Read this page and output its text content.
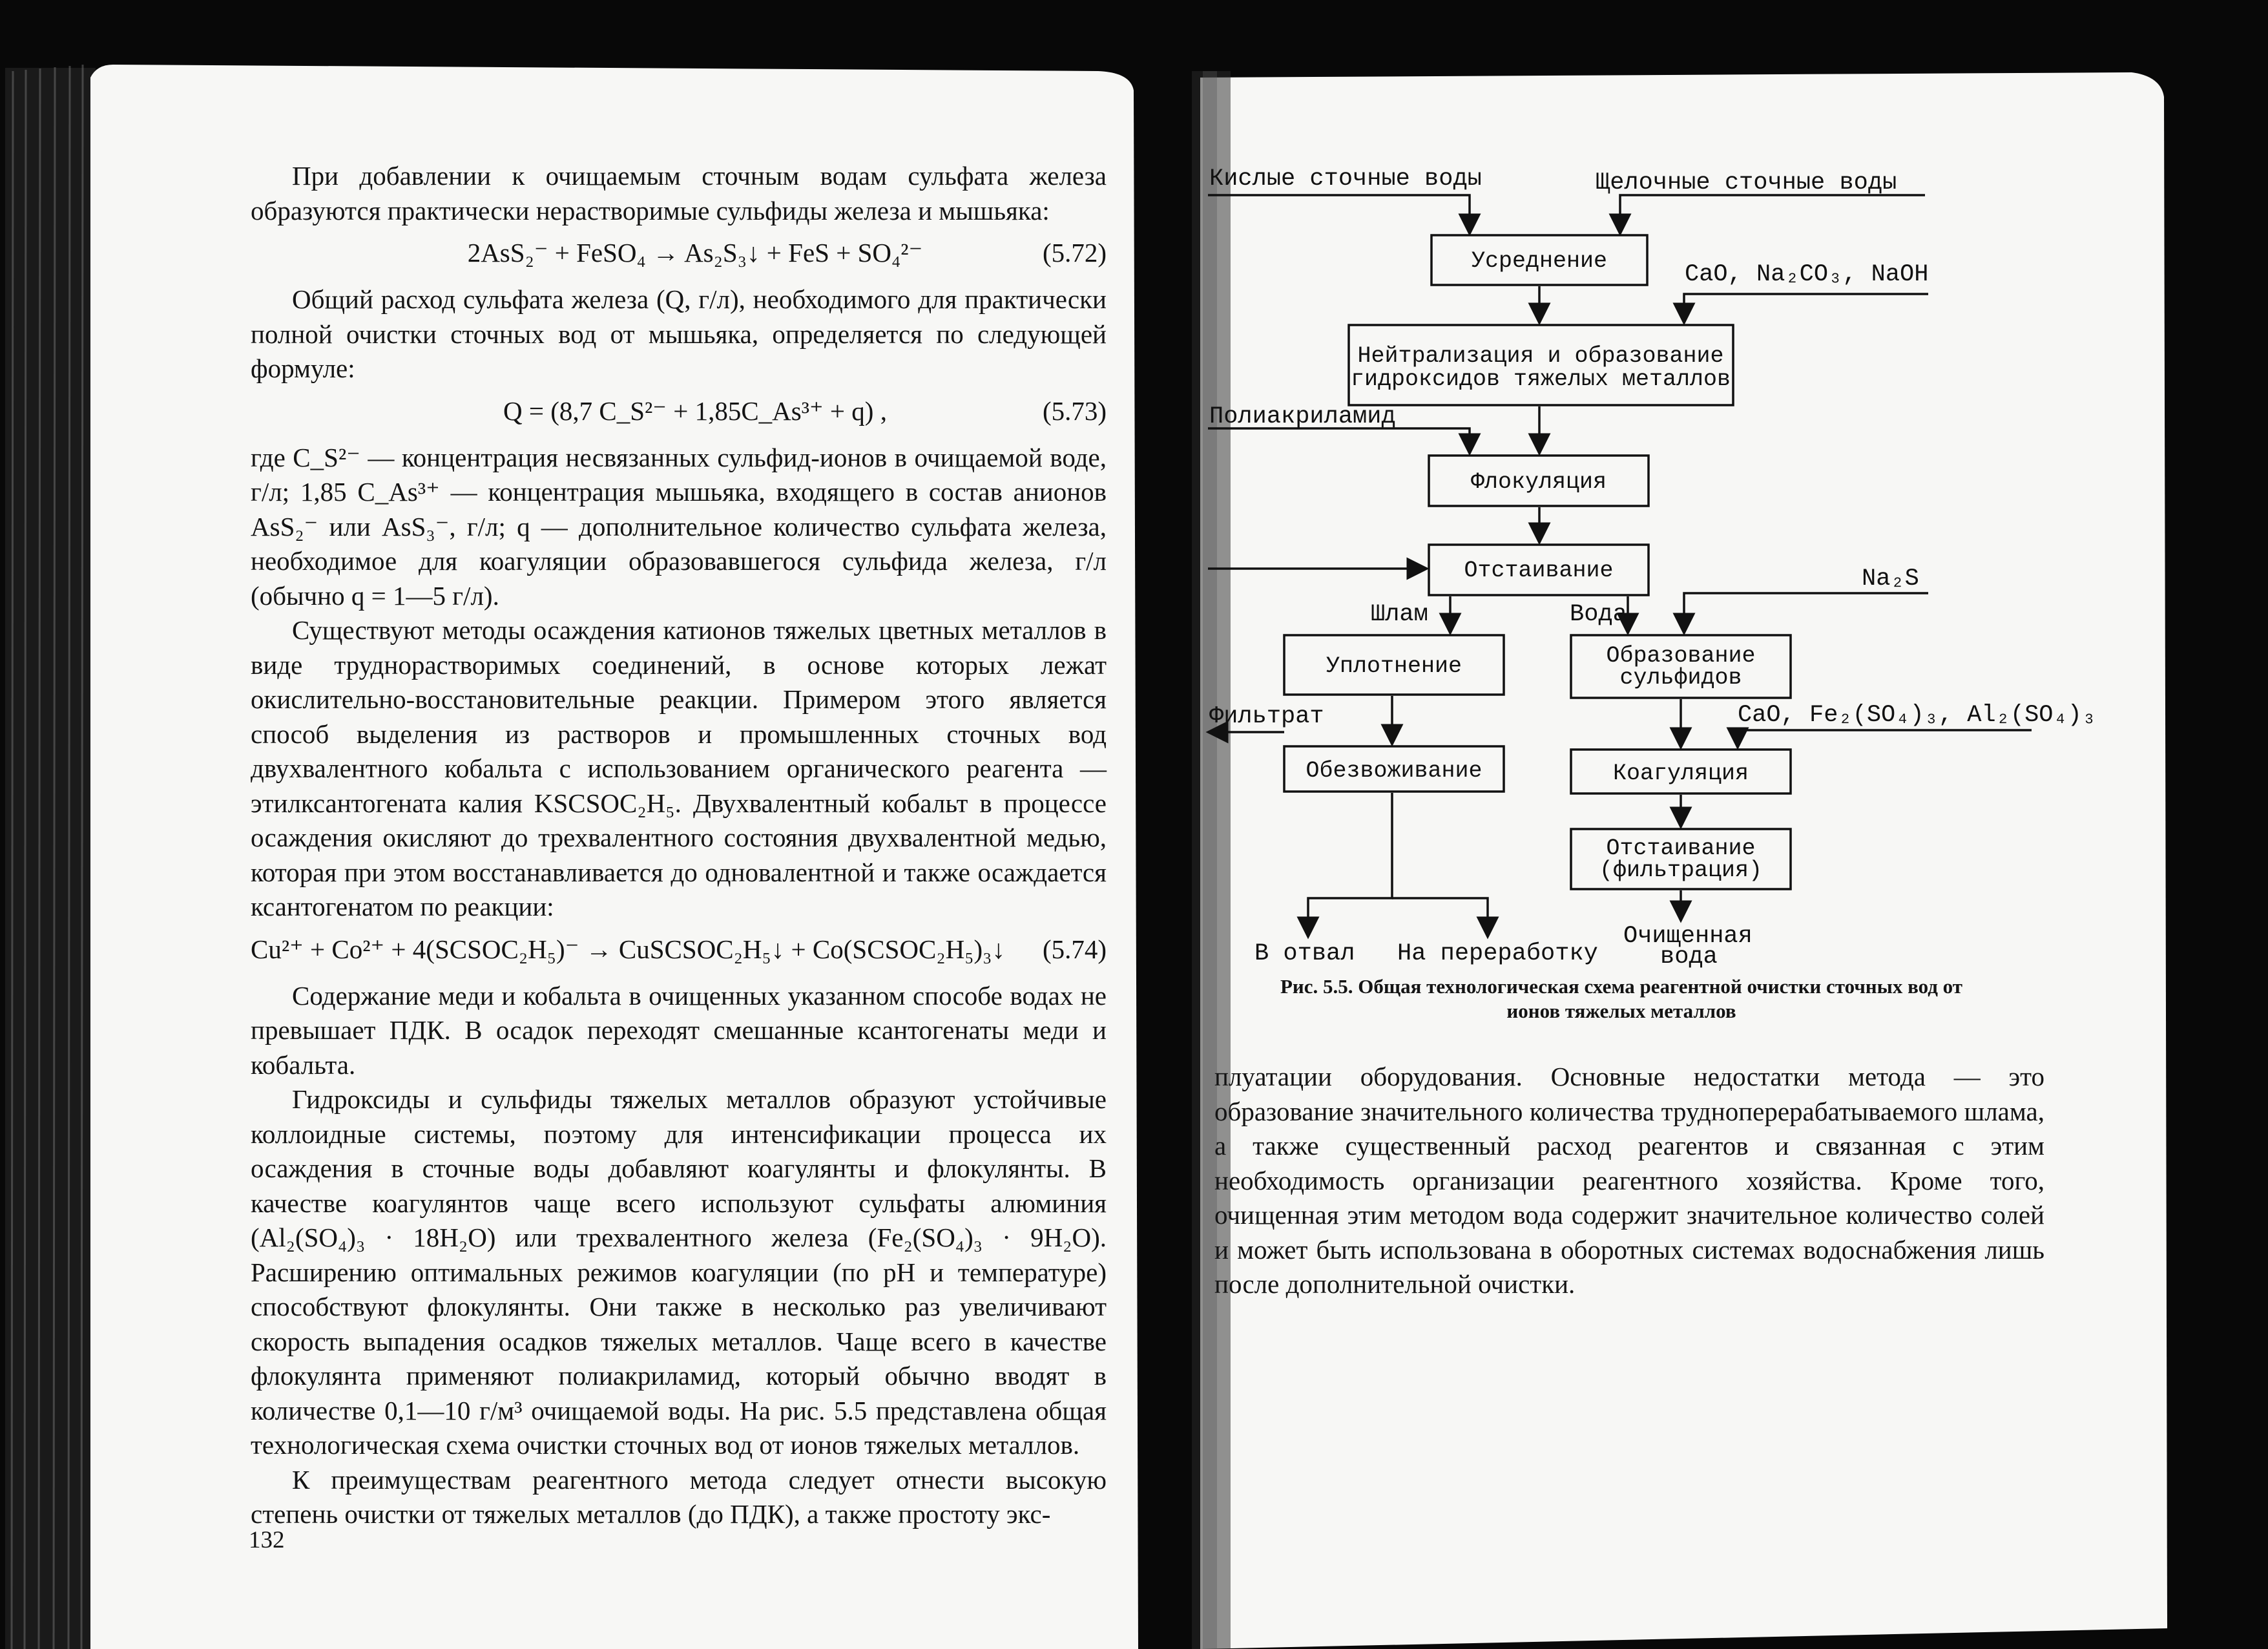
При добавлении к очищаемым сточным водам сульфата железа образуются практически нерастворимые сульфиды железа и мышьяка:

2AsS₂⁻ + FeSO₄ → As₂S₃↓ + FeS + SO₄²⁻	(5.72)

Общий расход сульфата железа (Q, г/л), необходимого для практически полной очистки сточных вод от мышьяка, определяется по следующей формуле:

Q = (8,7 C_S²⁻ + 1,85C_As³⁺ + q) ,	(5.73)

где C_S²⁻ — концентрация несвязанных сульфид-ионов в очищаемой воде, г/л; 1,85 C_As³⁺ — концентрация мышьяка, входящего в состав анионов AsS₂⁻ или AsS₃⁻, г/л; q — дополнительное количество сульфата железа, необходимое для коагуляции образовавшегося сульфида железа, г/л (обычно q = 1—5 г/л).

Существуют методы осаждения катионов тяжелых цветных металлов в виде труднорастворимых соединений, в основе которых лежат окислительно-восстановительные реакции. Примером этого является способ выделения из растворов и промышленных сточных вод двухвалентного кобальта с использованием органического реагента — этилксантогената калия KSCSOC₂H₅. Двухвалентный кобальт в процессе осаждения окисляют до трехвалентного состояния двухвалентной медью, которая при этом восстанавливается до одновалентной и также осаждается ксантогенатом по реакции:

Cu²⁺ + Co²⁺ + 4(SCSOC₂H₅)⁻ → CuSCSOC₂H₅↓ + Co(SCSOC₂H₅)₃↓	(5.74)

Содержание меди и кобальта в очищенных указанном способе водах не превышает ПДК. В осадок переходят смешанные ксантогенаты меди и кобальта.

Гидроксиды и сульфиды тяжелых металлов образуют устойчивые коллоидные системы, поэтому для интенсификации процесса их осаждения в сточные воды добавляют коагулянты и флокулянты. В качестве коагулянтов чаще всего используют сульфаты алюминия (Al₂(SO₄)₃ · 18H₂O) или трехвалентного железа (Fe₂(SO₄)₃ · 9H₂O). Расширению оптимальных режимов коагуляции (по pH и температуре) способствуют флокулянты. Они также в несколько раз увеличивают скорость выпадения осадков тяжелых металлов. Чаще всего в качестве флокулянта применяют полиакриламид, который обычно вводят в количестве 0,1—10 г/м³ очищаемой воды. На рис. 5.5 представлена общая технологическая схема очистки сточных вод от ионов тяжелых металлов.

К преимуществам реагентного метода следует отнести высокую степень очистки от тяжелых металлов (до ПДК), а также простоту экс-

132
Усреднение
Нейтрализация и образование
гидроксидов тяжелых металлов
Флокуляция
Отстаивание
Уплотнение	Образование
сульфидов
Обезвоживание	Коагуляция
Отстаивание
(фильтрация)
Кислые сточные воды	Щелочные сточные воды
CaO, Na₂CO₃, NaOH
Полиакриламид
Na₂S
Шлам	Вода
Фильтрат	CaO, Fe₂(SO₄)₃, Al₂(SO₄)₃
В отвал На переработку
Очищенная
вода
Рис. 5.5. Общая технологическая схема реагентной очистки сточных вод от
ионов тяжелых металлов

плуатации оборудования. Основные недостатки метода — это образование значительного количества трудноперерабатываемого шлама, а также существенный расход реагентов и связанная с этим необходимость организации реагентного хозяйства. Кроме того, очищенная этим методом вода содержит значительное количество солей и может быть использована в оборотных системах водоснабжения лишь после дополнительной очистки.
